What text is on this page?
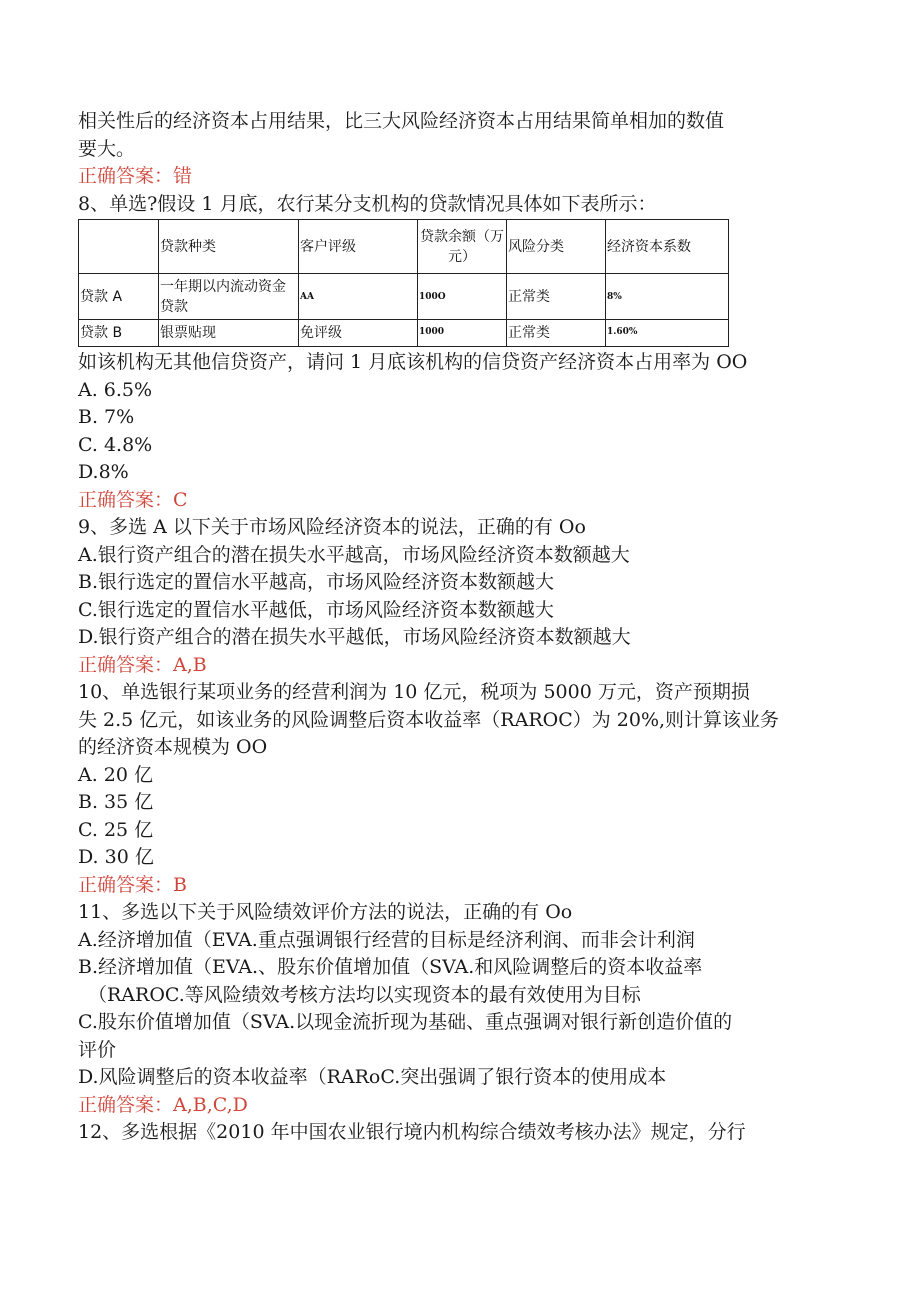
相关性后的经济资本占用结果，比三大风险经济资本占用结果简单相加的数值
要大。
正确答案：错
8、单选?假设 1 月底，农行某分支机构的贷款情况具体如下表所示：
	贷款种类	客户评级	贷款余额（万元）	风险分类	经济资本系数
贷款 A	一年期以内流动资金贷款	AA	100O	正常类	8%
贷款 B	银票贴现	免评级	1000	正常类	1.60%
如该机构无其他信贷资产，请问 1 月底该机构的信贷资产经济资本占用率为 OO
A. 6.5%
B. 7%
C. 4.8%
D.8%
正确答案：C
9、多选 A 以下关于市场风险经济资本的说法，正确的有 Oo
A.银行资产组合的潜在损失水平越高，市场风险经济资本数额越大
B.银行选定的置信水平越高，市场风险经济资本数额越大
C.银行选定的置信水平越低，市场风险经济资本数额越大
D.银行资产组合的潜在损失水平越低，市场风险经济资本数额越大
正确答案：A,B
10、单选银行某项业务的经营利润为 10 亿元，税项为 5000 万元，资产预期损
失 2.5 亿元，如该业务的风险调整后资本收益率（RAROC）为 20%,则计算该业务
的经济资本规模为 OO
A. 20 亿
B. 35 亿
C. 25 亿
D. 30 亿
正确答案：B
11、多选以下关于风险绩效评价方法的说法，正确的有 Oo
A.经济增加值（EVA.重点强调银行经营的目标是经济利润、而非会计利润
B.经济增加值（EVA.、股东价值增加值（SVA.和风险调整后的资本收益率
（RAROC.等风险绩效考核方法均以实现资本的最有效使用为目标
C.股东价值增加值（SVA.以现金流折现为基础、重点强调对银行新创造价值的
评价
D.风险调整后的资本收益率（RARoC.突出强调了银行资本的使用成本
正确答案：A,B,C,D
12、多选根据《2010 年中国农业银行境内机构综合绩效考核办法》规定，分行
